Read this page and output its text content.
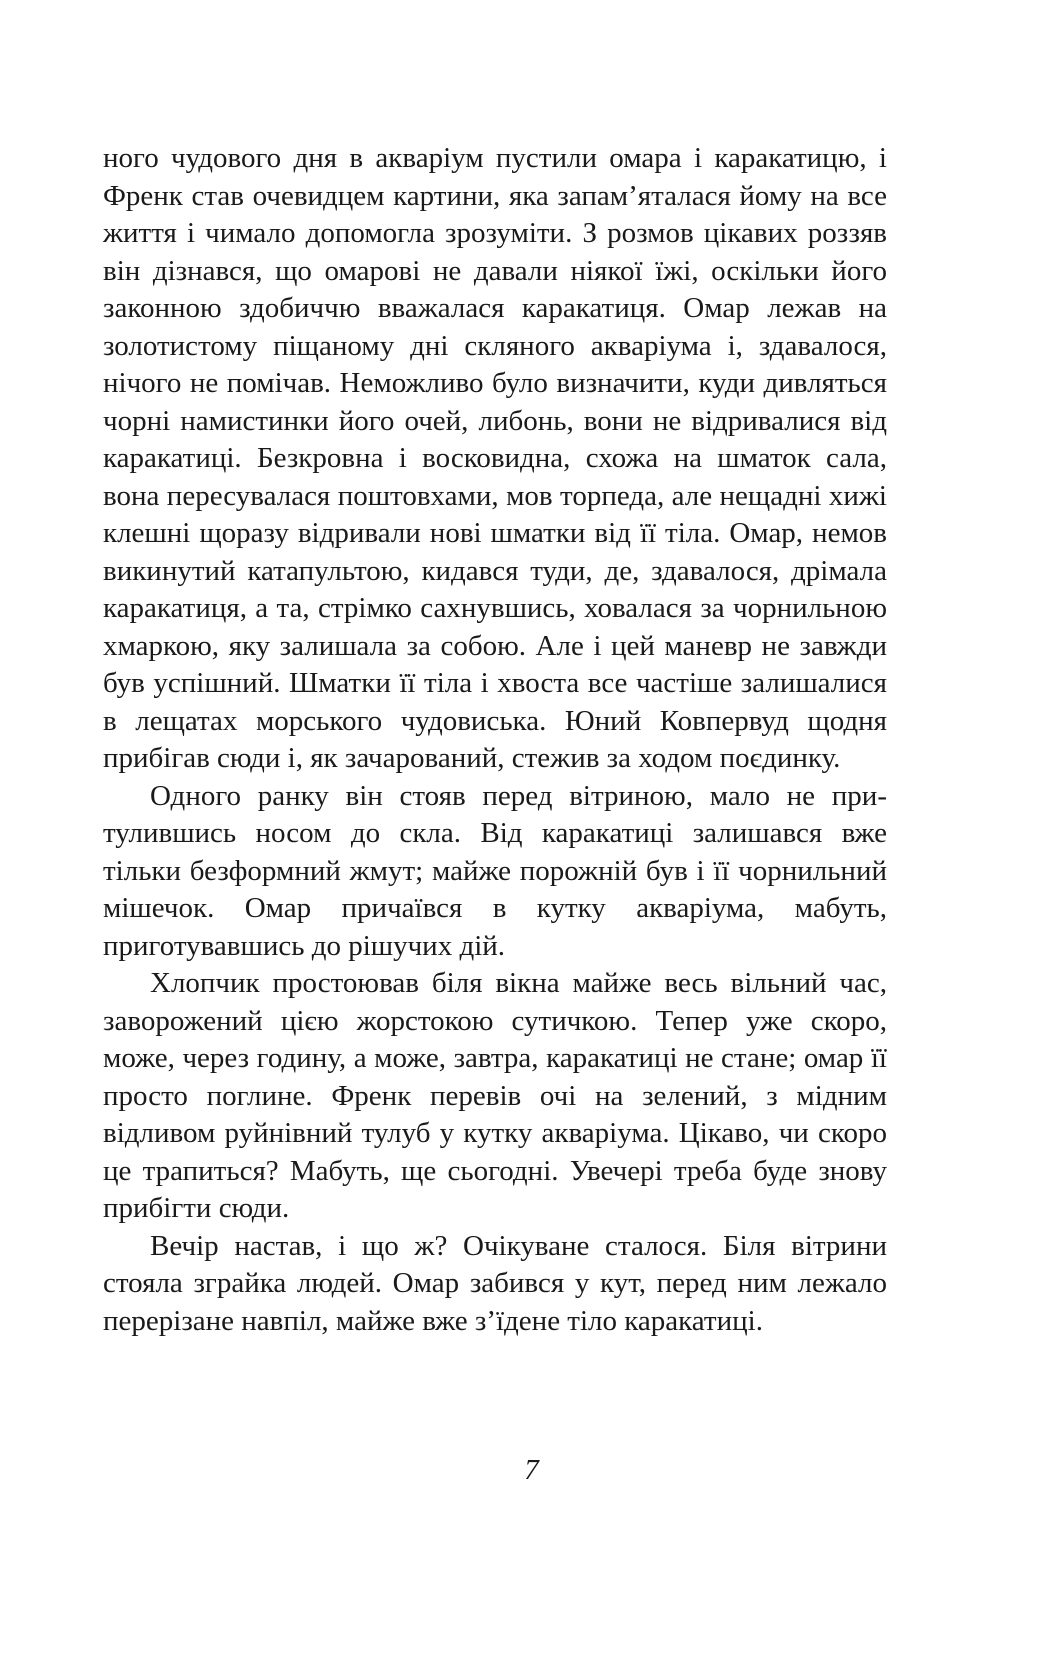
ного чудового дня в акваріум пустили омара і каракатицю, і Френк став очевидцем картини, яка запам’яталася йому на все життя і чимало допомогла зрозуміти. З розмов цікавих роззяв він дізнався, що омарові не давали ніякої їжі, оскільки його законною здобиччю вважалася каракатиця. Омар лежав на золотистому піщаному дні скляного акваріума і, здавалося, нічого не помічав. Неможливо було визначити, куди дивляться чорні намистинки його очей, либонь, вони не відривалися від каракатиці. Безкровна і восковидна, схожа на шматок сала, вона пересувалася поштовхами, мов торпеда, але нещадні хижі клешні щоразу відривали нові шматки від її тіла. Омар, немов викинутий катапультою, кидався туди, де, здавалося, дрімала каракатиця, а та, стрімко сахнувшись, ховалася за чорнильною хмаркою, яку залишала за собою. Але і цей маневр не завжди був успішний. Шматки її тіла і хвоста все частіше залишалися в лещатах морського чудовиська. Юний Ковпервуд щодня прибігав сюди і, як зачарований, стежив за ходом поєдинку.

Одного ранку він стояв перед вітриною, мало не притулившись носом до скла. Від каракатиці залишався вже тільки безформний жмут; майже порожній був і її чорнильний мішечок. Омар причаївся в кутку акваріума, мабуть, приготувавшись до рішучих дій.

Хлопчик простоював біля вікна майже весь вільний час, заворожений цією жорстокою сутичкою. Тепер уже скоро, може, через годину, а може, завтра, каракатиці не стане; омар її просто поглине. Френк перевів очі на зелений, з мідним відливом руйнівний тулуб у кутку акваріума. Цікаво, чи скоро це трапиться? Мабуть, ще сьогодні. Увечері треба буде знову прибігти сюди.

Вечір настав, і що ж? Очікуване сталося. Біля вітрини стояла зграйка людей. Омар забився у кут, перед ним лежало перерізане навпіл, майже вже з’їдене тіло каракатиці.

7
